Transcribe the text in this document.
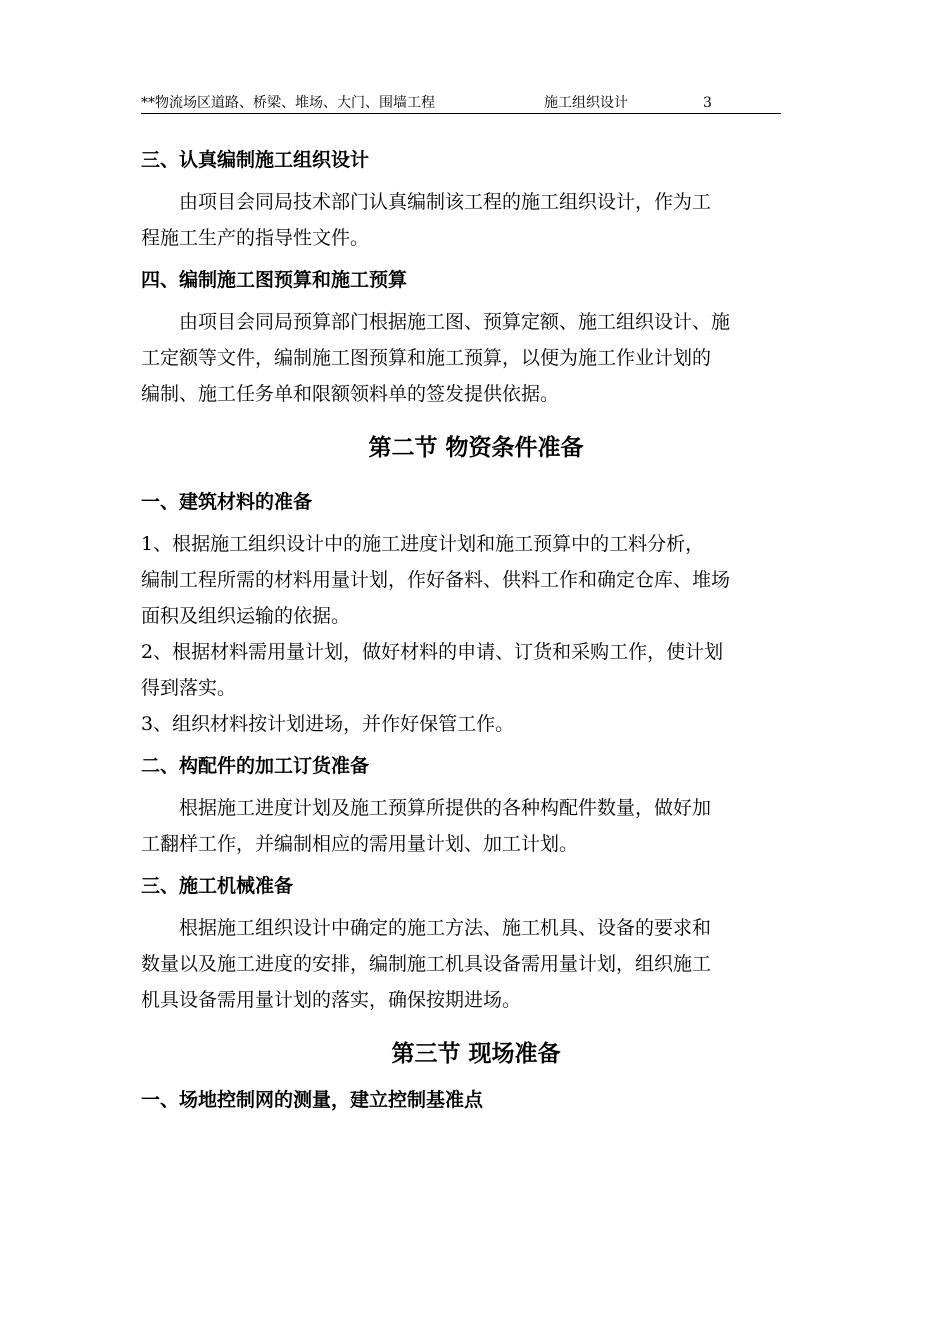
**物流场区道路、桥梁、堆场、大门、围墙工程	施工组织设计	3
三、认真编制施工组织设计
由项目会同局技术部门认真编制该工程的施工组织设计，作为工
程施工生产的指导性文件。
四、编制施工图预算和施工预算
由项目会同局预算部门根据施工图、预算定额、施工组织设计、施
工定额等文件，编制施工图预算和施工预算，以便为施工作业计划的
编制、施工任务单和限额领料单的签发提供依据。
第二节 物资条件准备
一、建筑材料的准备
1、根据施工组织设计中的施工进度计划和施工预算中的工料分析，
编制工程所需的材料用量计划，作好备料、供料工作和确定仓库、堆场
面积及组织运输的依据。
2、根据材料需用量计划，做好材料的申请、订货和采购工作，使计划
得到落实。
3、组织材料按计划进场，并作好保管工作。
二、构配件的加工订货准备
根据施工进度计划及施工预算所提供的各种构配件数量，做好加
工翻样工作，并编制相应的需用量计划、加工计划。
三、施工机械准备
根据施工组织设计中确定的施工方法、施工机具、设备的要求和
数量以及施工进度的安排，编制施工机具设备需用量计划，组织施工
机具设备需用量计划的落实，确保按期进场。
第三节 现场准备
一、场地控制网的测量，建立控制基准点
